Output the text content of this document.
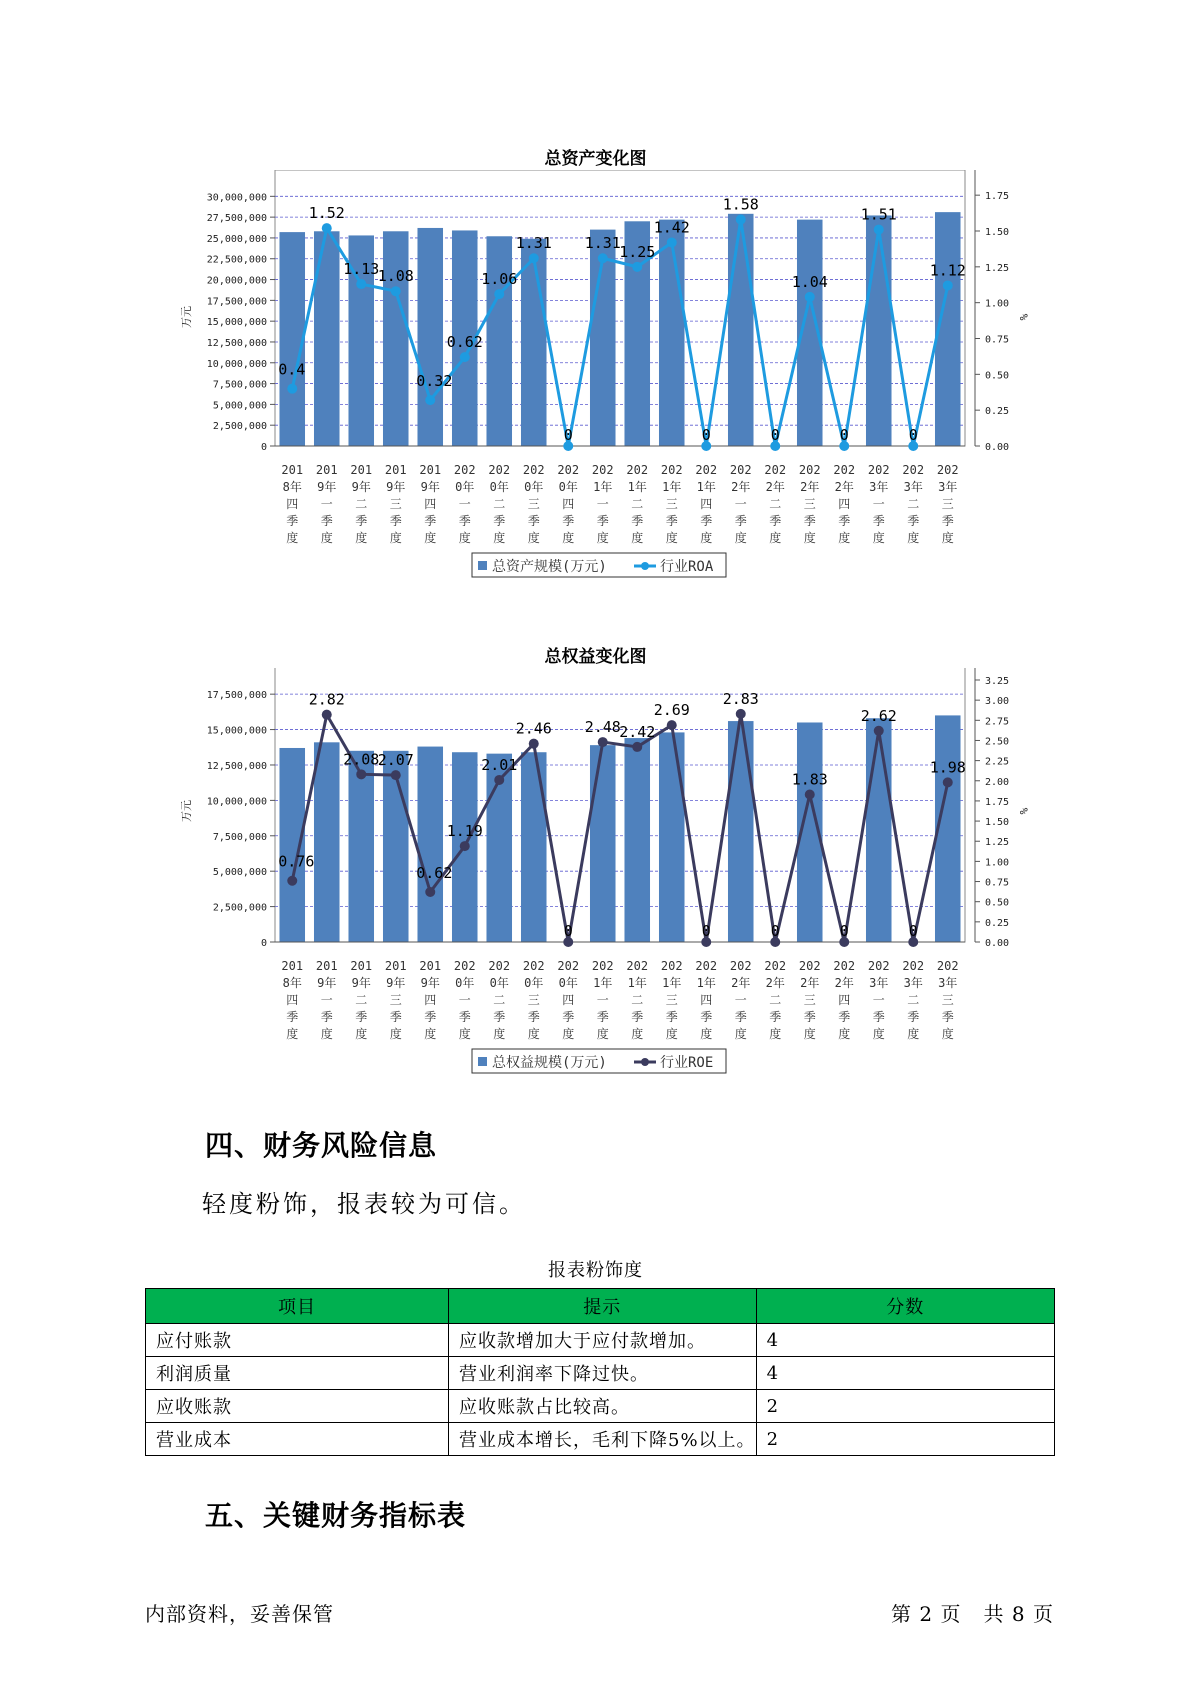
总资产变化图
0
2,500,000
5,000,000
7,500,000
10,000,000
12,500,000
15,000,000
17,500,000
20,000,000
22,500,000
25,000,000
27,500,000
30,000,000
0.00
0.25
0.50
0.75
1.00
1.25
1.50
1.75
万元	%
201
8年
四
季
度
201
9年
一
季
度
201
9年
二
季
度
201
9年
三
季
度
201
9年
四
季
度
202
0年
一
季
度
202
0年
二
季
度
202
0年
三
季
度
202
0年
四
季
度
202
1年
一
季
度
202
1年
二
季
度
202
1年
三
季
度
202
1年
四
季
度
202
2年
一
季
度
202
2年
二
季
度
202
2年
三
季
度
202
2年
四
季
度
202
3年
一
季
度
202
3年
二
季
度
202
3年
三
季
度
0.4
1.52
1.13
1.08
0.32
0.62
1.06
1.31
0
1.31
1.25
1.42
0
1.58
0
1.04
0
1.51
0
1.12
总资产规模(万元)	行业ROA
总权益变化图
0
2,500,000
5,000,000
7,500,000
10,000,000
12,500,000
15,000,000
17,500,000
0.00
0.25
0.50
0.75
1.00
1.25
1.50
1.75
2.00
2.25
2.50
2.75
3.00
3.25
万元	%
201
8年
四
季
度
201
9年
一
季
度
201
9年
二
季
度
201
9年
三
季
度
201
9年
四
季
度
202
0年
一
季
度
202
0年
二
季
度
202
0年
三
季
度
202
0年
四
季
度
202
1年
一
季
度
202
1年
二
季
度
202
1年
三
季
度
202
1年
四
季
度
202
2年
一
季
度
202
2年
二
季
度
202
2年
三
季
度
202
2年
四
季
度
202
3年
一
季
度
202
3年
二
季
度
202
3年
三
季
度
0.76
2.82
2.08
2.07
0.62
1.19
2.01
2.46
0
2.48
2.42
2.69
0
2.83
0
1.83
0
2.62
0
1.98
总权益规模(万元)	行业ROE
四、财务风险信息
轻度粉饰，报表较为可信。
报表粉饰度
项目	提示	分数
应付账款	应收款增加大于应付款增加。	4
利润质量	营业利润率下降过快。	4
应收账款	应收账款占比较高。	2
营业成本	营业成本增长，毛利下降5%以上。	2
五、关键财务指标表
内部资料，妥善保管	第 2 页   共 8 页
